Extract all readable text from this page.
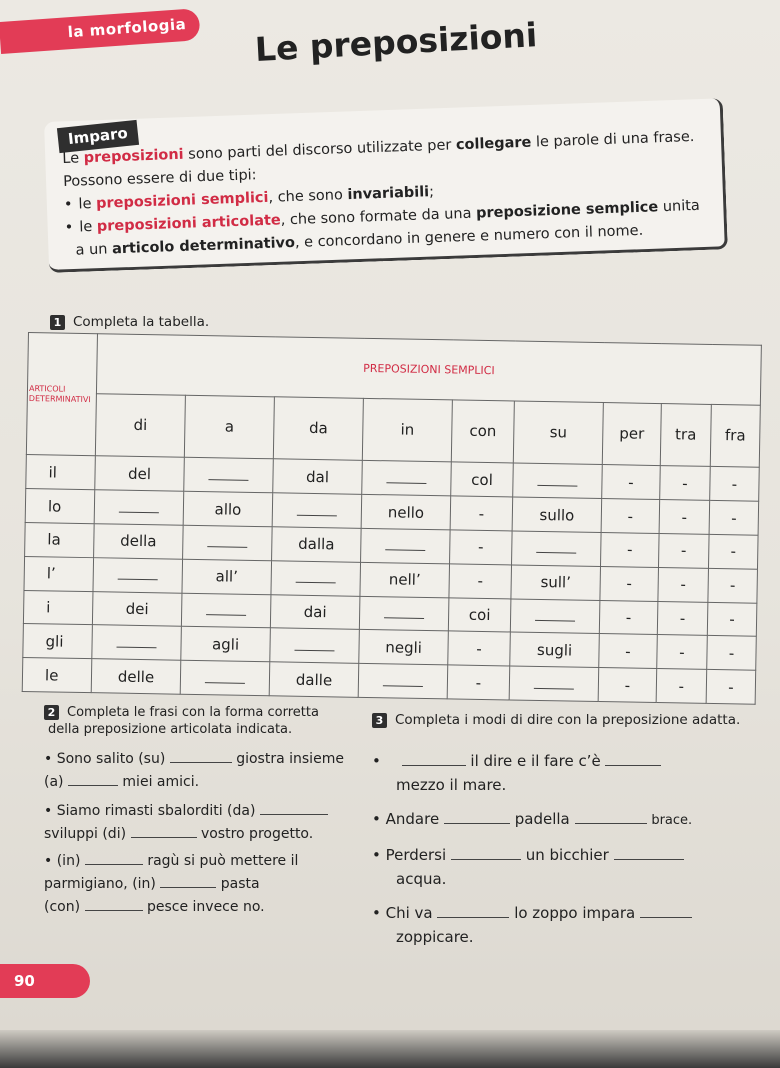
la morfologia Le preposizioni
Imparo

Le preposizioni sono parti del discorso utilizzate per collegare le parole di una frase.

Possono essere di due tipi:

• le preposizioni semplici, che sono invariabili;

• le preposizioni articolate, che sono formate da una preposizione semplice unita

a un articolo determinativo, e concordano in genere e numero con il nome.

1 Completa la tabella.
ARTICOLI DETERMINATIVI	PREPOSIZIONI SEMPLICI								
	di	a	da	in	con	su	per	tra	fra
il	del		dal		col		-	-	-
lo		allo		nello	-	sullo	-	-	-
la	della		dalla		-		-	-	-
l’		all’		nell’	-	sull’	-	-	-
i	dei		dai		coi		-	-	-
gli		agli		negli	-	sugli	-	-	-
le	delle		dalle		-		-	-	-
2 Completa le frasi con la forma corretta
della preposizione articolata indicata.
• Sono salito (su)	giostra insieme
(a)	miei amici.
• Siamo rimasti sbalorditi (da)
sviluppi (di)	vostro progetto.
• (in)	ragù si può mettere il
parmigiano, (in)	pasta
(con)	pesce invece no.
3 Completa i modi di dire con la preposizione adatta.
•	il dire e il fare c’è
mezzo il mare.
• Andare	padella	brace.
• Perdersi	un bicchier
acqua.
• Chi va	lo zoppo impara
zoppicare.
90
